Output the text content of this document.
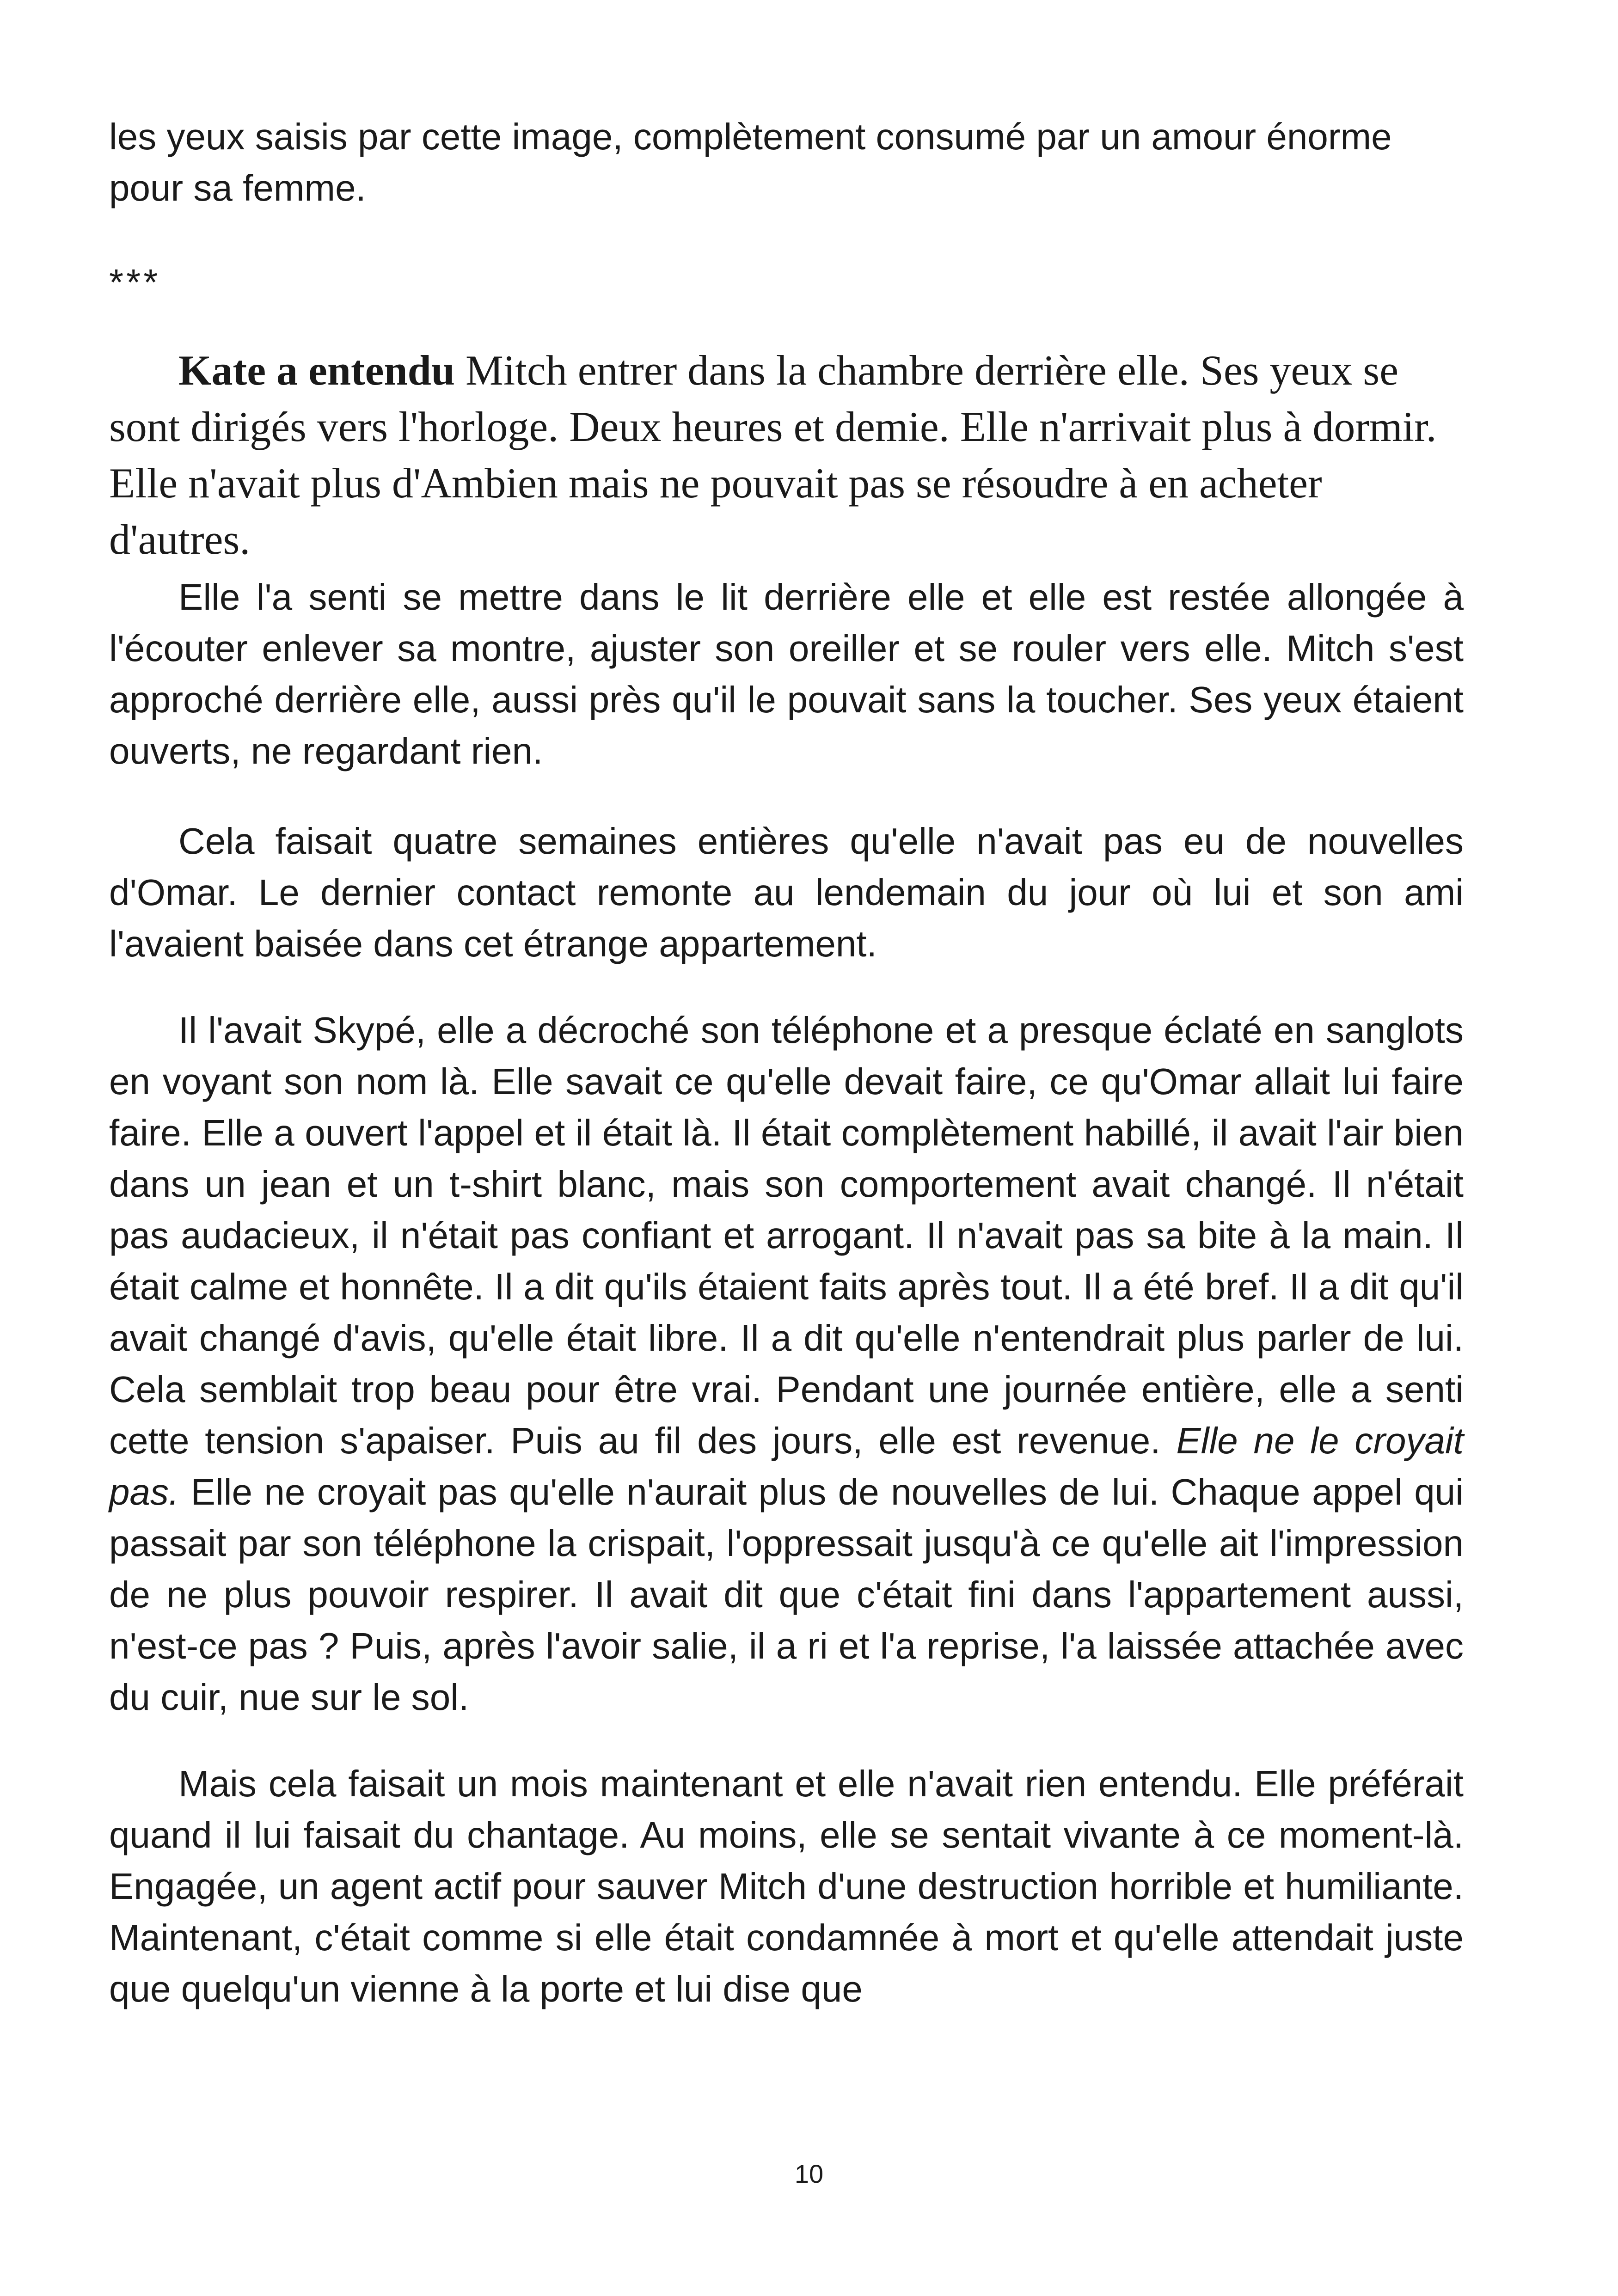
les yeux saisis par cette image, complètement consumé par un amour énorme pour sa femme.
***

Kate a entendu Mitch entrer dans la chambre derrière elle. Ses yeux se sont dirigés vers l'horloge. Deux heures et demie. Elle n'arrivait plus à dormir. Elle n'avait plus d'Ambien mais ne pouvait pas se résoudre à en acheter d'autres.

Elle l'a senti se mettre dans le lit derrière elle et elle est restée allongée à l'écouter enlever sa montre, ajuster son oreiller et se rouler vers elle. Mitch s'est approché derrière elle, aussi près qu'il le pouvait sans la toucher. Ses yeux étaient ouverts, ne regardant rien.

Cela faisait quatre semaines entières qu'elle n'avait pas eu de nouvelles d'Omar. Le dernier contact remonte au lendemain du jour où lui et son ami l'avaient baisée dans cet étrange appartement.

Il l'avait Skypé, elle a décroché son téléphone et a presque éclaté en sanglots en voyant son nom là. Elle savait ce qu'elle devait faire, ce qu'Omar allait lui faire faire. Elle a ouvert l'appel et il était là. Il était complètement habillé, il avait l'air bien dans un jean et un t-shirt blanc, mais son comportement avait changé. Il n'était pas audacieux, il n'était pas confiant et arrogant. Il n'avait pas sa bite à la main. Il était calme et honnête. Il a dit qu'ils étaient faits après tout. Il a été bref. Il a dit qu'il avait changé d'avis, qu'elle était libre. Il a dit qu'elle n'entendrait plus parler de lui. Cela semblait trop beau pour être vrai. Pendant une journée entière, elle a senti cette tension s'apaiser. Puis au fil des jours, elle est revenue. Elle ne le croyait pas. Elle ne croyait pas qu'elle n'aurait plus de nouvelles de lui. Chaque appel qui passait par son téléphone la crispait, l'oppressait jusqu'à ce qu'elle ait l'impression de ne plus pouvoir respirer. Il avait dit que c'était fini dans l'appartement aussi, n'est-ce pas ? Puis, après l'avoir salie, il a ri et l'a reprise, l'a laissée attachée avec du cuir, nue sur le sol.

Mais cela faisait un mois maintenant et elle n'avait rien entendu. Elle préférait quand il lui faisait du chantage. Au moins, elle se sentait vivante à ce moment-là. Engagée, un agent actif pour sauver Mitch d'une destruction horrible et humiliante. Maintenant, c'était comme si elle était condamnée à mort et qu'elle attendait juste que quelqu'un vienne à la porte et lui dise que

10
